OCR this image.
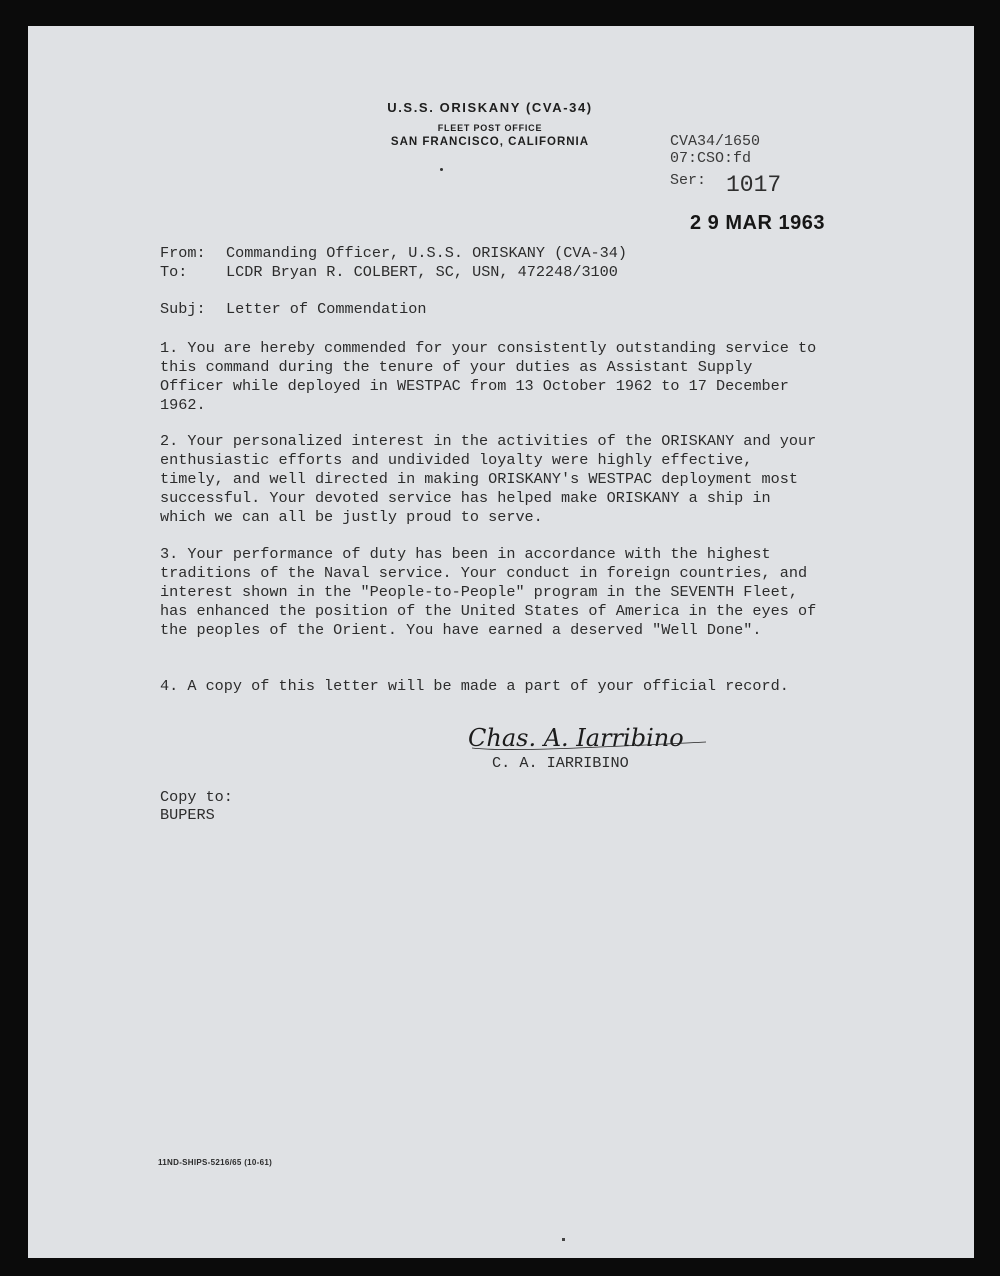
U.S.S. ORISKANY (CVA-34)
FLEET POST OFFICE
SAN FRANCISCO, CALIFORNIA	CVA34/1650
07:CSO:fd
Ser: 1017
2 9 MAR 1963
From: Commanding Officer, U.S.S. ORISKANY (CVA-34)
To:	LCDR Bryan R. COLBERT, SC, USN, 472248/3100
Subj: Letter of Commendation
1. You are hereby commended for your consistently outstanding service to this command during the tenure of your duties as Assistant Supply Officer while deployed in WESTPAC from 13 October 1962 to 17 December 1962.
2. Your personalized interest in the activities of the ORISKANY and your enthusiastic efforts and undivided loyalty were highly effective, timely, and well directed in making ORISKANY's WESTPAC deployment most successful. Your devoted service has helped make ORISKANY a ship in which we can all be justly proud to serve.
3. Your performance of duty has been in accordance with the highest traditions of the Naval service. Your conduct in foreign countries, and interest shown in the "People-to-People" program in the SEVENTH Fleet, has enhanced the position of the United States of America in the eyes of the peoples of the Orient. You have earned a deserved "Well Done".
4. A copy of this letter will be made a part of your official record.
Chas. A. Iarribino
C. A. IARRIBINO
Copy to:
BUPERS
11ND-SHIPS-5216/65 (10-61)
